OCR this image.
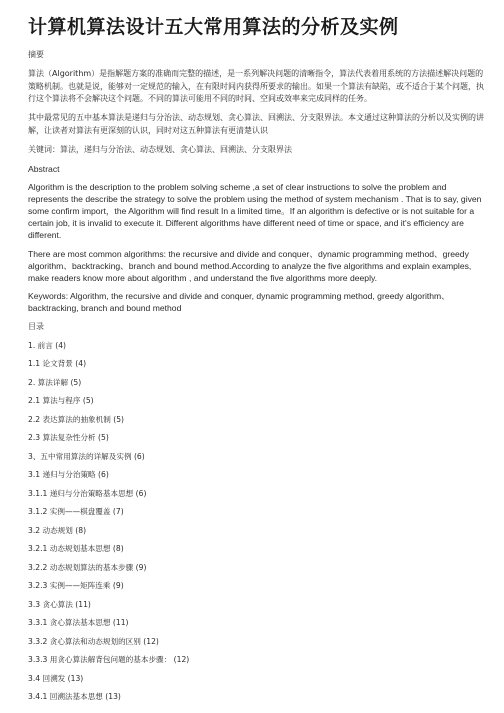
计算机算法设计五大常用算法的分析及实例
摘要
算法（Algorithm）是指解题方案的准确而完整的描述，是一系列解决问题的清晰指令，算法代表着用系统的方法描述解决问题的策略机制。也就是说，能够对一定规范的输入，在有限时间内获得所要求的输出。如果一个算法有缺陷，或不适合于某个问题，执行这个算法将不会解决这个问题。不同的算法可能用不同的时间、空间或效率来完成同样的任务。
其中最常见的五中基本算法是递归与分治法、动态规划、贪心算法、回溯法、分支限界法。本文通过这种算法的分析以及实例的讲解，让读者对算法有更深刻的认识，同时对这五种算法有更清楚认识
关键词：算法，递归与分治法、动态规划、贪心算法、回溯法、分支限界法
Abstract
Algorithm is the description to the problem solving scheme ,a set of clear instructions to solve the problem and represents the describe the strategy to solve the problem using the method of system mechanism . That is to say, given some confirm import，the Algorithm will find result In a limited time。If an algorithm is defective or is not suitable for a certain job, it is invalid to execute it. Different algorithms have different need of time or space, and it's efficiency are different.
There are most common algorithms: the recursive and divide and conquer、dynamic programming method、greedy algorithm、backtracking、branch and bound method.According to analyze the five algorithms and explain examples, make readers know more about algorithm , and understand the five algorithms more deeply.
Keywords: Algorithm, the recursive and divide and conquer, dynamic programming method, greedy algorithm、backtracking, branch and bound method
目录
1. 前言 (4)
1.1 论文背景 (4)
2. 算法详解 (5)
2.1 算法与程序 (5)
2.2 表达算法的抽象机制 (5)
2.3 算法复杂性分析 (5)
3、五中常用算法的详解及实例 (6)
3.1 递归与分治策略 (6)
3.1.1 递归与分治策略基本思想 (6)
3.1.2 实例——棋盘覆盖 (7)
3.2 动态规划 (8)
3.2.1 动态规划基本思想 (8)
3.2.2 动态规划算法的基本步骤 (9)
3.2.3 实例——矩阵连乘 (9)
3.3 贪心算法 (11)
3.3.1 贪心算法基本思想 (11)
3.3.2 贪心算法和动态规划的区别 (12)
3.3.3 用贪心算法解背包问题的基本步骤： (12)
3.4 回溯发 (13)
3.4.1 回溯法基本思想 (13)
